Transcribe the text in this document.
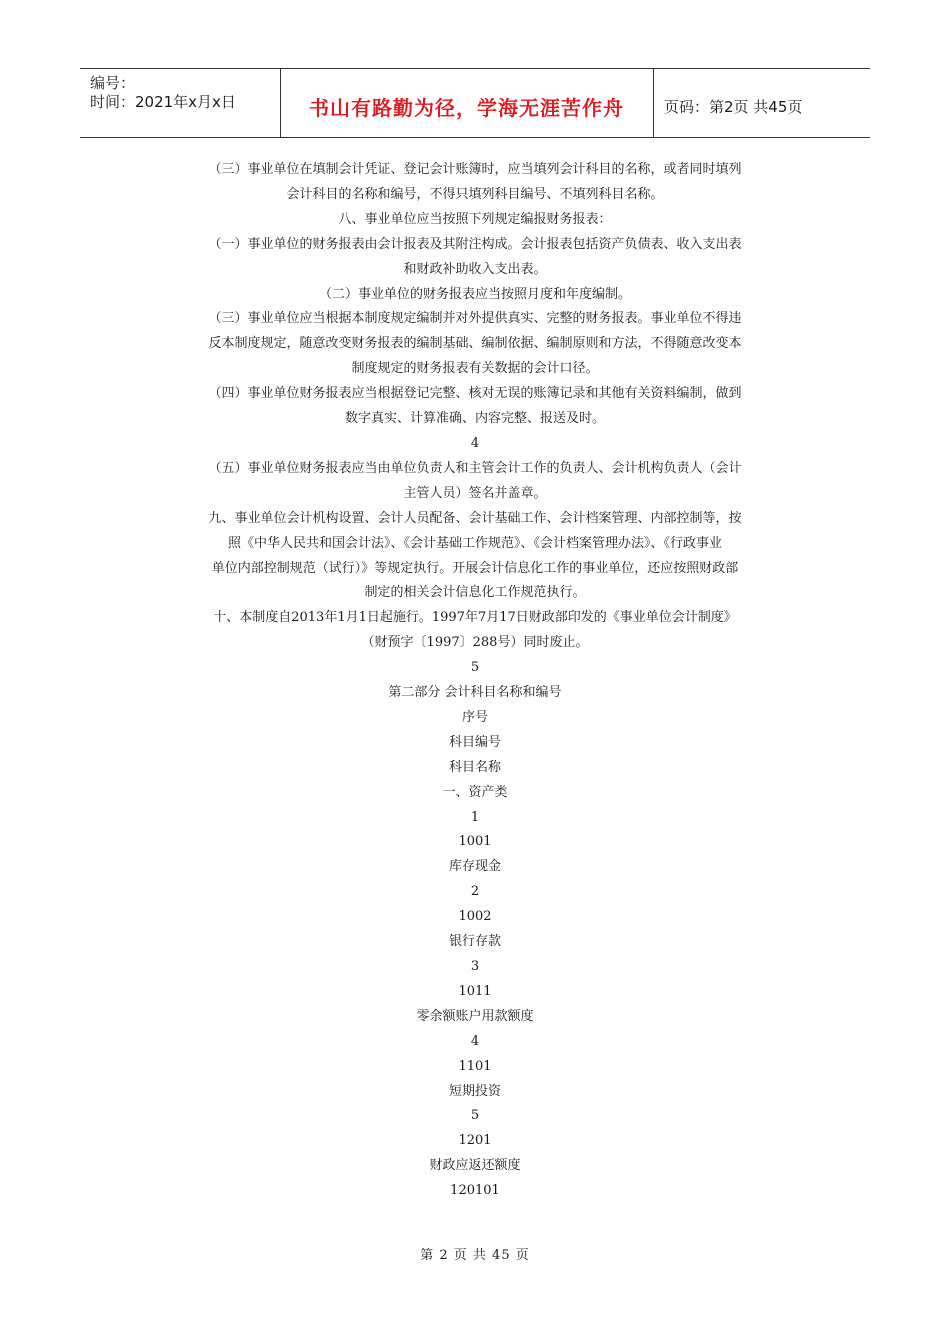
编号：
时间：2021年x月x日	书山有路勤为径，学海无涯苦作舟	页码：第2页 共45页
（三）事业单位在填制会计凭证、登记会计账簿时，应当填列会计科目的名称，或者同时填列
会计科目的名称和编号，不得只填列科目编号、不填列科目名称。
八、事业单位应当按照下列规定编报财务报表：
（一）事业单位的财务报表由会计报表及其附注构成。会计报表包括资产负债表、收入支出表
和财政补助收入支出表。
（二）事业单位的财务报表应当按照月度和年度编制。
（三）事业单位应当根据本制度规定编制并对外提供真实、完整的财务报表。事业单位不得违
反本制度规定，随意改变财务报表的编制基础、编制依据、编制原则和方法，不得随意改变本
制度规定的财务报表有关数据的会计口径。
（四）事业单位财务报表应当根据登记完整、核对无误的账簿记录和其他有关资料编制，做到
数字真实、计算准确、内容完整、报送及时。
4
（五）事业单位财务报表应当由单位负责人和主管会计工作的负责人、会计机构负责人（会计
主管人员）签名并盖章。
九、事业单位会计机构设置、会计人员配备、会计基础工作、会计档案管理、内部控制等，按
照《中华人民共和国会计法》、《会计基础工作规范》、《会计档案管理办法》、《行政事业
单位内部控制规范（试行）》等规定执行。开展会计信息化工作的事业单位，还应按照财政部
制定的相关会计信息化工作规范执行。
十、本制度自2013年1月1日起施行。1997年7月17日财政部印发的《事业单位会计制度》
（财预字〔1997〕288号）同时废止。
5
第二部分 会计科目名称和编号
序号
科目编号
科目名称
一、资产类
1
1001
库存现金
2
1002
银行存款
3
1011
零余额账户用款额度
4
1101
短期投资
5
1201
财政应返还额度
120101
第 2 页 共 45 页
